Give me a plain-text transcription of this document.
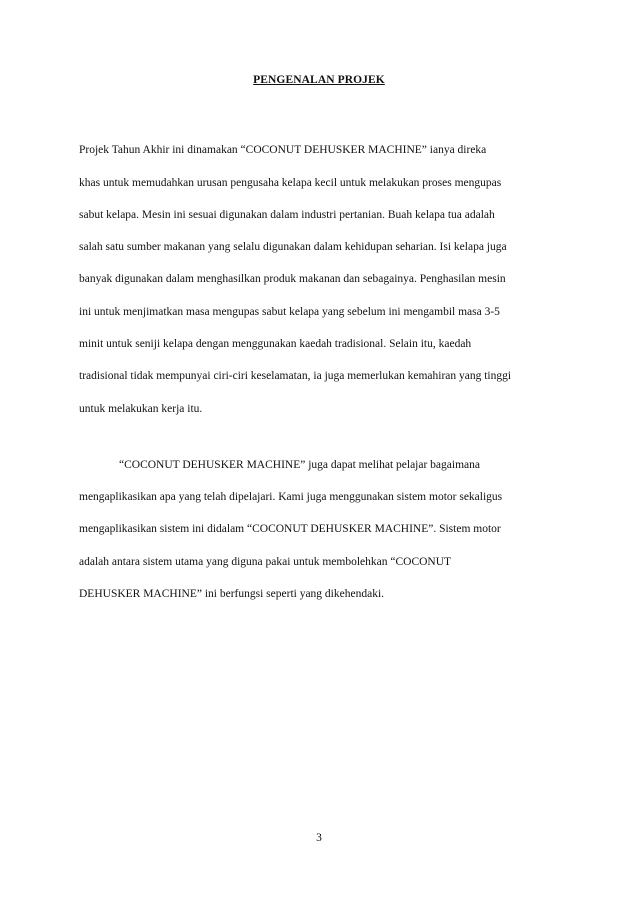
PENGENALAN PROJEK
Projek Tahun Akhir ini dinamakan “COCONUT DEHUSKER MACHINE” ianya direka
khas untuk memudahkan urusan pengusaha kelapa kecil untuk melakukan proses mengupas
sabut kelapa. Mesin ini sesuai digunakan dalam industri pertanian. Buah kelapa tua adalah
salah satu sumber makanan yang selalu digunakan dalam kehidupan seharian. Isi kelapa juga
banyak digunakan dalam menghasilkan produk makanan dan sebagainya. Penghasilan mesin
ini untuk menjimatkan masa mengupas sabut kelapa yang sebelum ini mengambil masa 3-5
minit untuk seniji kelapa dengan menggunakan kaedah tradisional. Selain itu, kaedah
tradisional tidak mempunyai ciri-ciri keselamatan, ia juga memerlukan kemahiran yang tinggi
untuk melakukan kerja itu.
“COCONUT DEHUSKER MACHINE” juga dapat melihat pelajar bagaimana
mengaplikasikan apa yang telah dipelajari. Kami juga menggunakan sistem motor sekaligus
mengaplikasikan sistem ini didalam “COCONUT DEHUSKER MACHINE”. Sistem motor
adalah antara sistem utama yang diguna pakai untuk membolehkan “COCONUT
DEHUSKER MACHINE” ini berfungsi seperti yang dikehendaki.
3
